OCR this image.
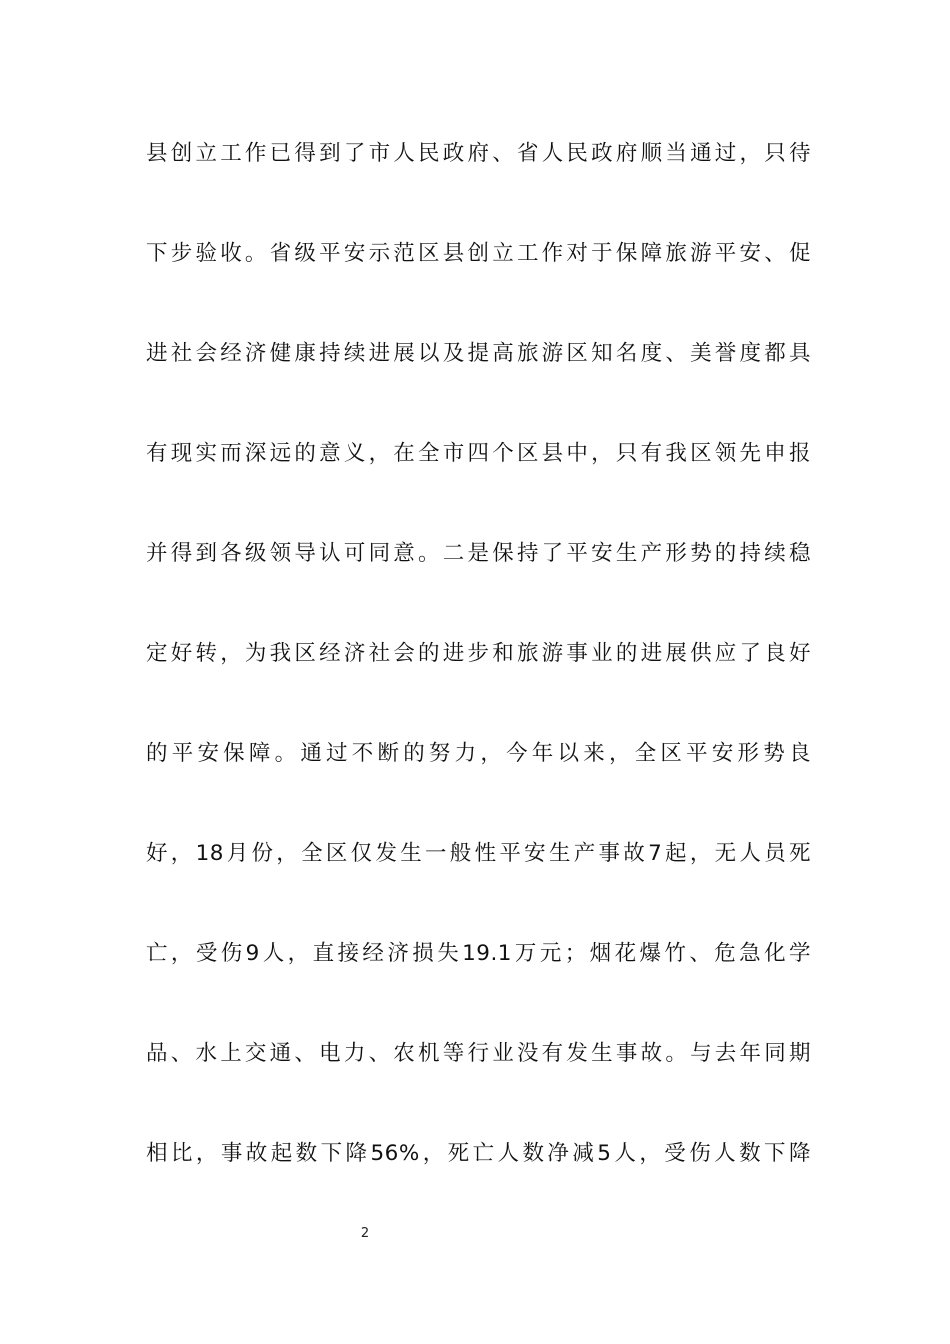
县创立工作已得到了市人民政府、省人民政府顺当通过，只待
下步验收。省级平安示范区县创立工作对于保障旅游平安、促
进社会经济健康持续进展以及提高旅游区知名度、美誉度都具
有现实而深远的意义，在全市四个区县中，只有我区领先申报
并得到各级领导认可同意。二是保持了平安生产形势的持续稳
定好转，为我区经济社会的进步和旅游事业的进展供应了良好
的平安保障。通过不断的努力，今年以来，全区平安形势良
好，18月份，全区仅发生一般性平安生产事故7起，无人员死
亡，受伤9人，直接经济损失19.1万元；烟花爆竹、危急化学
品、水上交通、电力、农机等行业没有发生事故。与去年同期
相比，事故起数下降56%，死亡人数净减5人，受伤人数下降
2
